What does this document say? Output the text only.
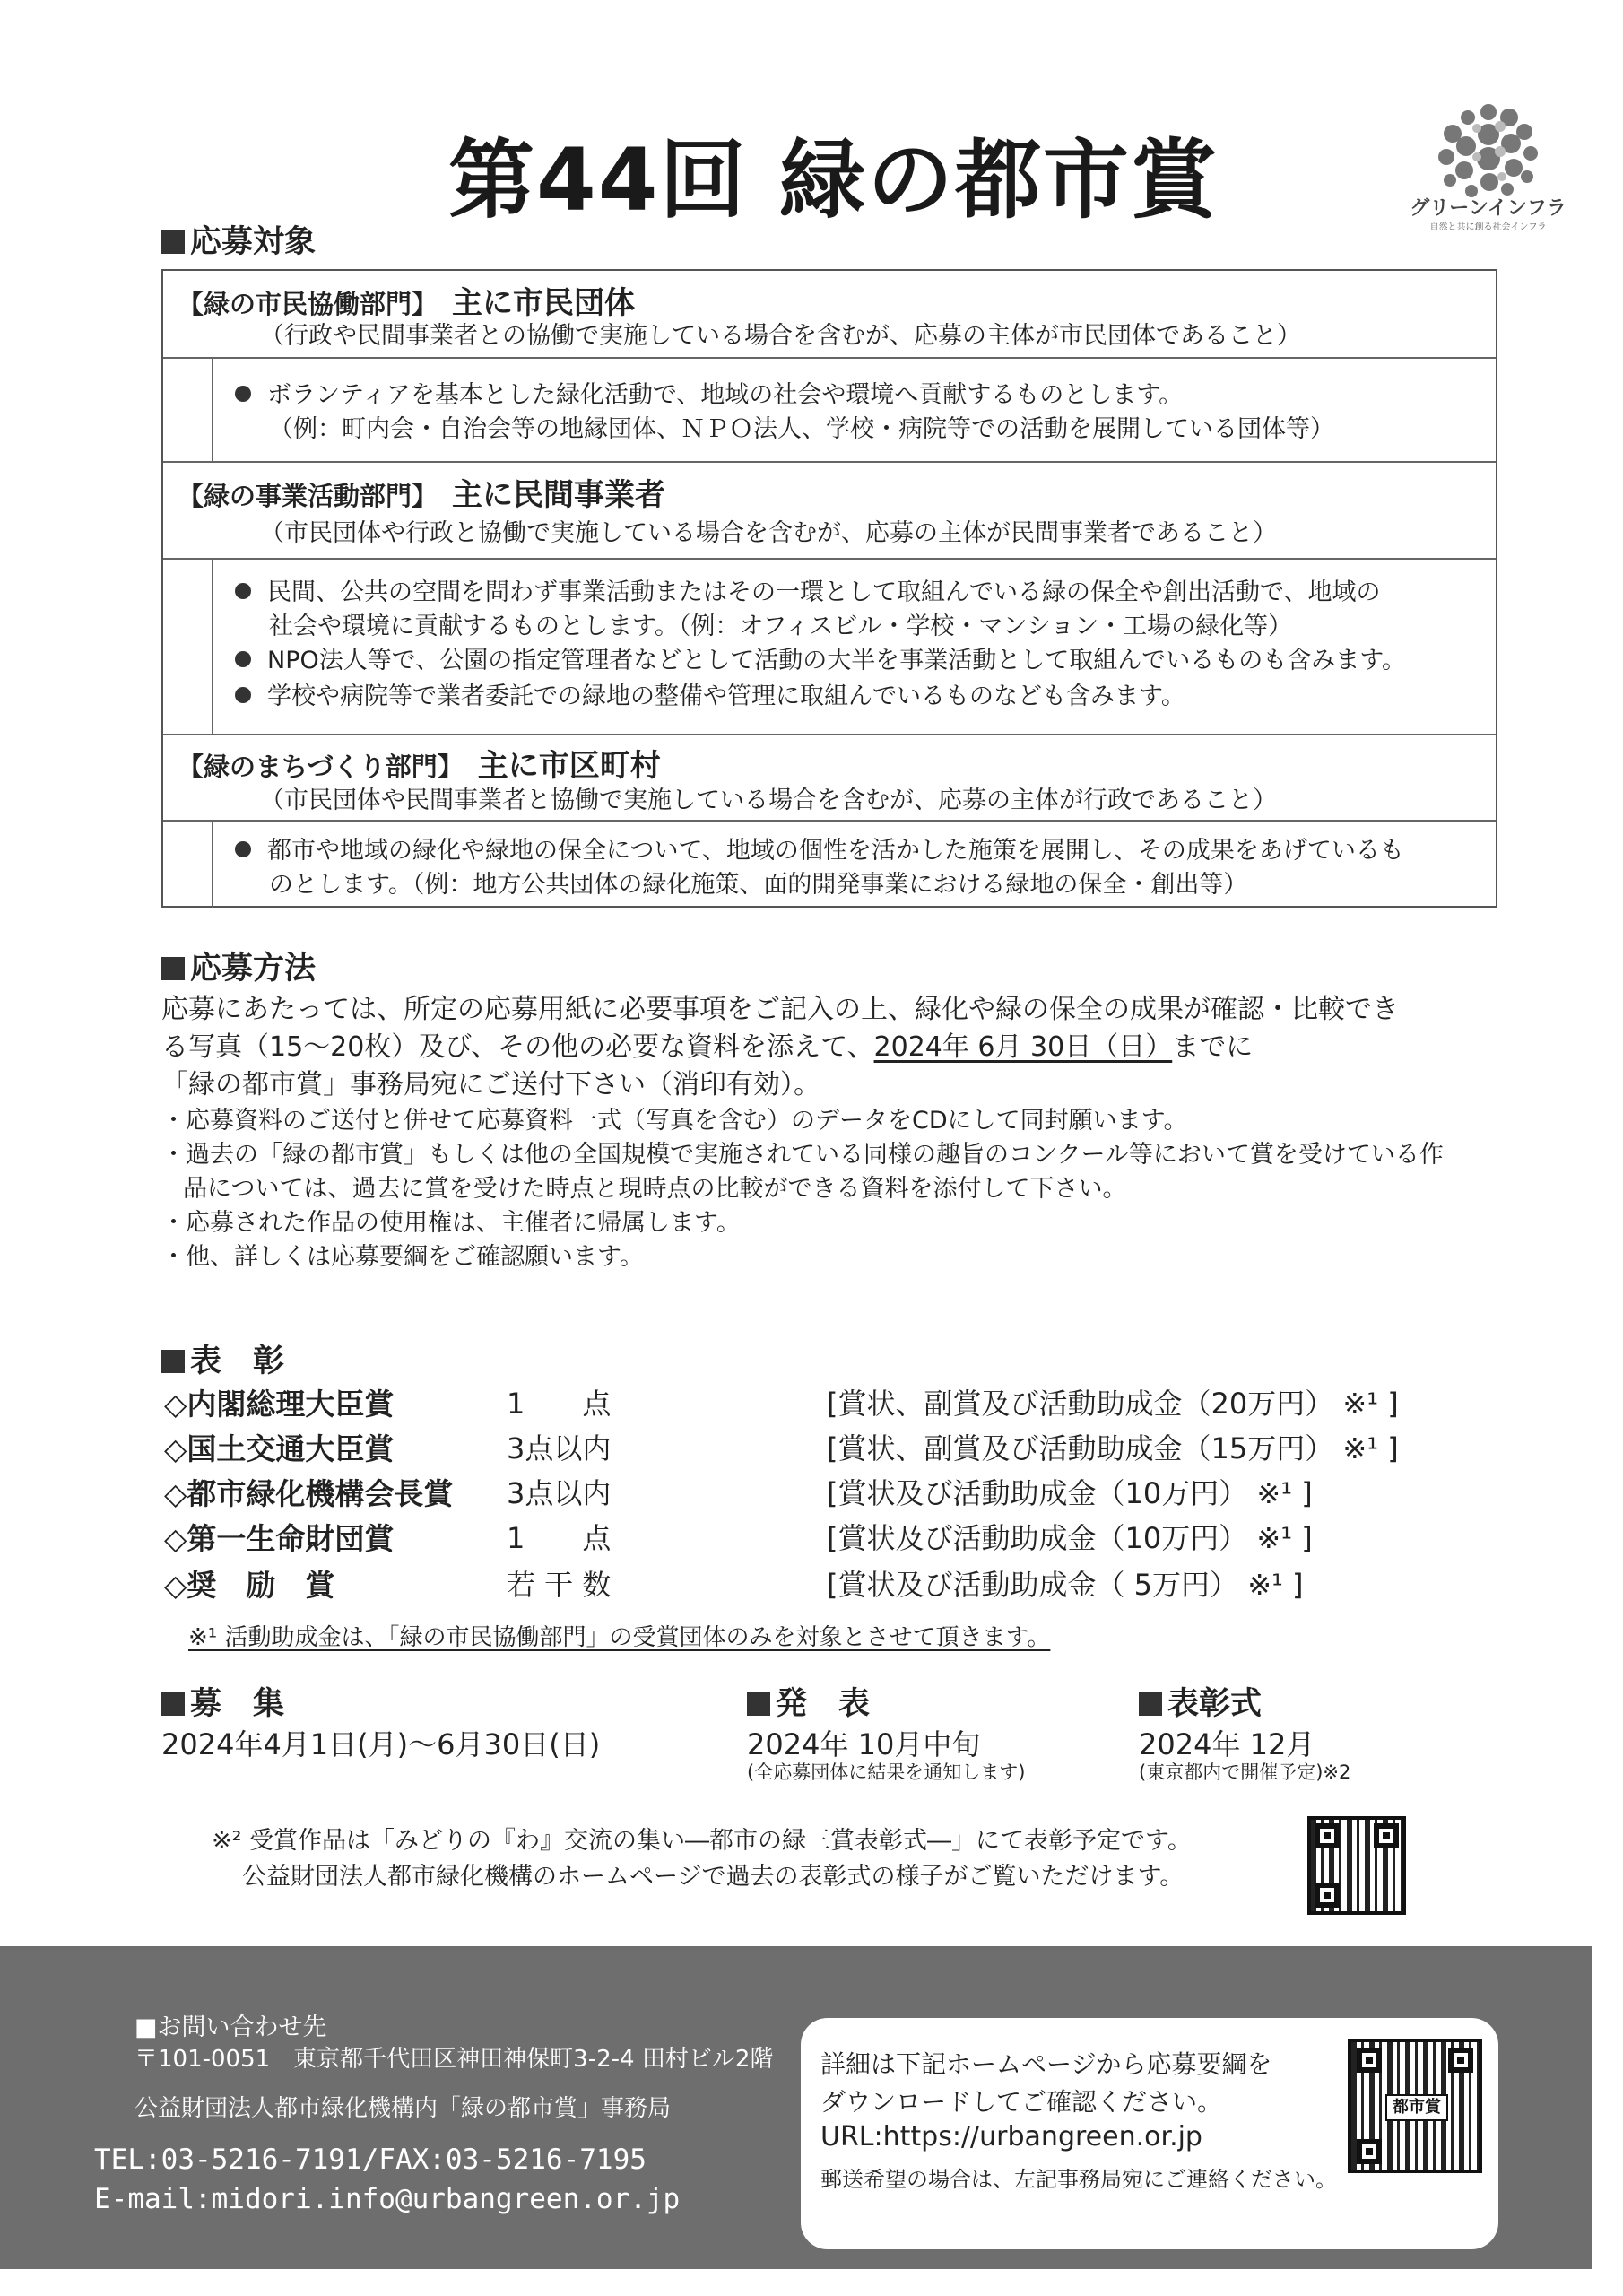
第44回 緑の都市賞	グリーンインフラ
自然と共に創る社会インフラ
応募対象
【緑の市民協働部門】 主に市民団体
（行政や民間事業者との協働で実施している場合を含むが、応募の主体が市民団体であること）
ボランティアを基本とした緑化活動で、地域の社会や環境へ貢献するものとします。
（例：町内会・自治会等の地縁団体、ＮＰＯ法人、学校・病院等での活動を展開している団体等）
【緑の事業活動部門】 主に民間事業者
（市民団体や行政と協働で実施している場合を含むが、応募の主体が民間事業者であること）
民間、公共の空間を問わず事業活動またはその一環として取組んでいる緑の保全や創出活動で、地域の
社会や環境に貢献するものとします。（例：オフィスビル・学校・マンション・工場の緑化等）
NPO法人等で、公園の指定管理者などとして活動の大半を事業活動として取組んでいるものも含みます。
学校や病院等で業者委託での緑地の整備や管理に取組んでいるものなども含みます。
【緑のまちづくり部門】 主に市区町村
（市民団体や民間事業者と協働で実施している場合を含むが、応募の主体が行政であること）
都市や地域の緑化や緑地の保全について、地域の個性を活かした施策を展開し、その成果をあげているも
のとします。（例：地方公共団体の緑化施策、面的開発事業における緑地の保全・創出等）
応募方法
応募にあたっては、所定の応募用紙に必要事項をご記入の上、緑化や緑の保全の成果が確認・比較でき
る写真（15～20枚）及び、その他の必要な資料を添えて、2024年 6月 30日（日）までに
「緑の都市賞」事務局宛にご送付下さい（消印有効）。
・応募資料のご送付と併せて応募資料一式（写真を含む）のデータをCDにして同封願います。
・過去の「緑の都市賞」もしくは他の全国規模で実施されている同様の趣旨のコンクール等において賞を受けている作
品については、過去に賞を受けた時点と現時点の比較ができる資料を添付して下さい。
・応募された作品の使用権は、主催者に帰属します。
・他、詳しくは応募要綱をご確認願います。
表　彰
◇内閣総理大臣賞	1　　点	[賞状、副賞及び活動助成金（20万円） ※¹ ]
◇国土交通大臣賞	3点以内	[賞状、副賞及び活動助成金（15万円） ※¹ ]
◇都市緑化機構会長賞 3点以内	[賞状及び活動助成金（10万円） ※¹ ]
◇第一生命財団賞	1　　点	[賞状及び活動助成金（10万円） ※¹ ]
◇奨　励　賞	若 干 数	[賞状及び活動助成金（ 5万円） ※¹ ]
※¹ 活動助成金は、「緑の市民協働部門」の受賞団体のみを対象とさせて頂きます。
募　集
2024年4月1日(月)～6月30日(日)
発　表
2024年 10月中旬
(全応募団体に結果を通知します)
表彰式
2024年 12月
(東京都内で開催予定)※2
※² 受賞作品は「みどりの『わ』交流の集い―都市の緑三賞表彰式―」にて表彰予定です。
公益財団法人都市緑化機構のホームページで過去の表彰式の様子がご覧いただけます。
■お問い合わせ先
〒101-0051　東京都千代田区神田神保町3-2-4 田村ビル2階
公益財団法人都市緑化機構内「緑の都市賞」事務局
TEL:03-5216-7191/FAX:03-5216-7195
E-mail:midori.info@urbangreen.or.jp
詳細は下記ホームページから応募要綱を
ダウンロードしてご確認ください。
URL:https://urbangreen.or.jp
郵送希望の場合は、左記事務局宛にご連絡ください。
都市賞
